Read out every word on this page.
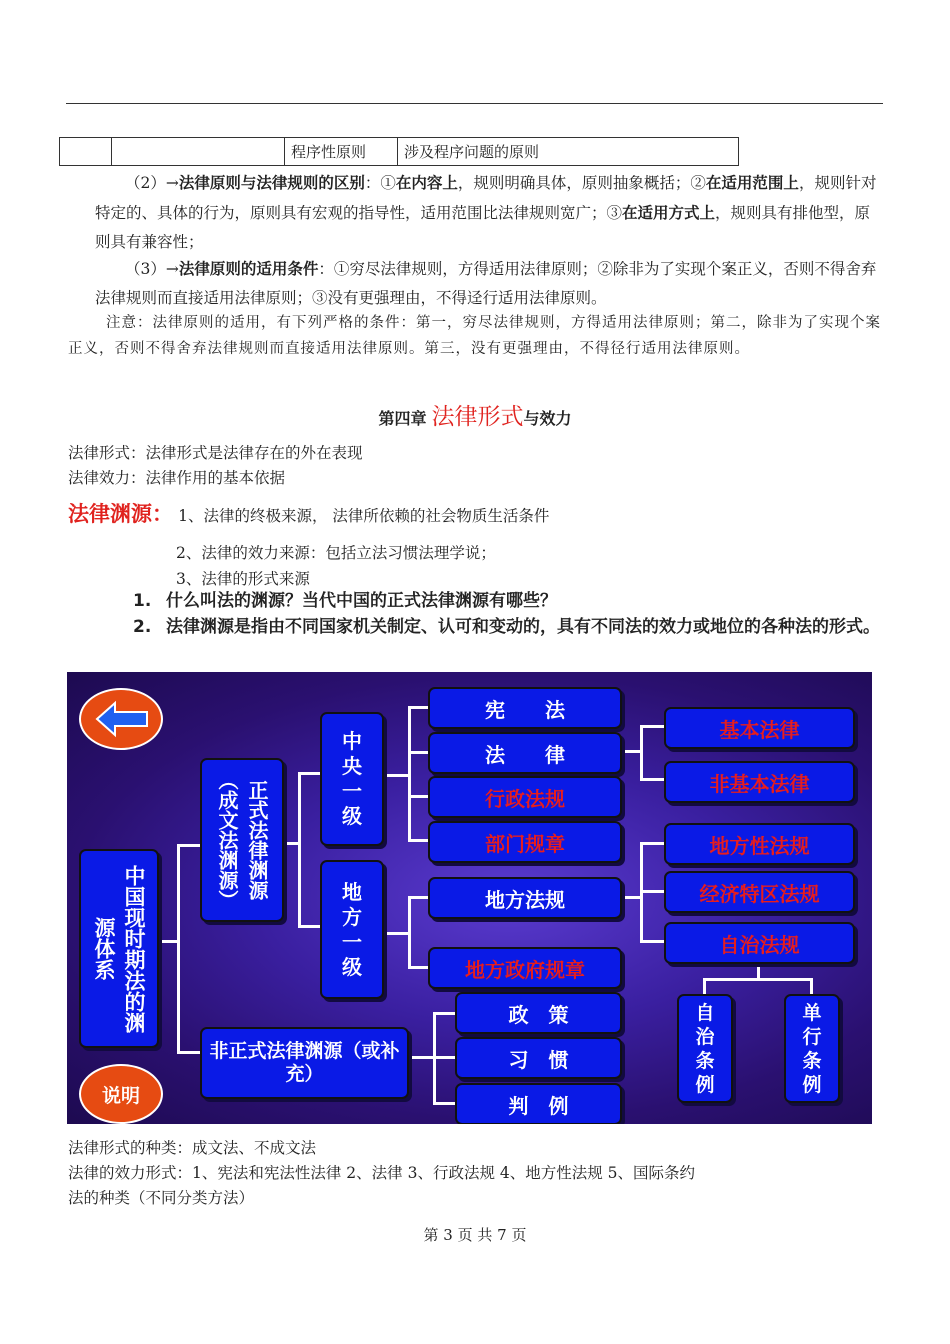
		程序性原则	涉及程序问题的原则
（2）→法律原则与法律规则的区别：①在内容上，规则明确具体，原则抽象概括；②在适用范围上，规则针对特定的、具体的行为，原则具有宏观的指导性，适用范围比法律规则宽广；③在适用方式上，规则具有排他型，原则具有兼容性；
（3）→法律原则的适用条件：①穷尽法律规则，方得适用法律原则；②除非为了实现个案正义，否则不得舍弃法律规则而直接适用法律原则；③没有更强理由，不得迳行适用法律原则。
注意：法律原则的适用，有下列严格的条件：第一，穷尽法律规则，方得适用法律原则；第二，除非为了实现个案正义，否则不得舍弃法律规则而直接适用法律原则。第三，没有更强理由，不得径行适用法律原则。
第四章 法律形式与效力
法律形式：法律形式是法律存在的外在表现
法律效力：法律作用的基本依据
法律渊源： 1、法律的终极来源， 法律所依赖的社会物质生活条件
2、法律的效力来源：包括立法习惯法理学说；
3、法律的形式来源
1. 什么叫法的渊源？当代中国的正式法律渊源有哪些？
2. 法律渊源是指由不同国家机关制定、认可和变动的，具有不同法的效力或地位的各种法的形式。
说明
中国现时期法的渊源体系
正式法律渊源（成文法渊源）
非正式法律渊源（或补充）
中央一级
地方一级
宪　　法
法　　律
行政法规
部门规章
地方法规
地方政府规章
基本法律
非基本法律
地方性法规
经济特区法规
自治法规
自治条例
单行条例
政　策
习　惯
判　例
法律形式的种类：成文法、不成文法
法律的效力形式：1、宪法和宪法性法律 2、法律 3、行政法规 4、地方性法规 5、国际条约
法的种类（不同分类方法）
第 3 页 共 7 页
